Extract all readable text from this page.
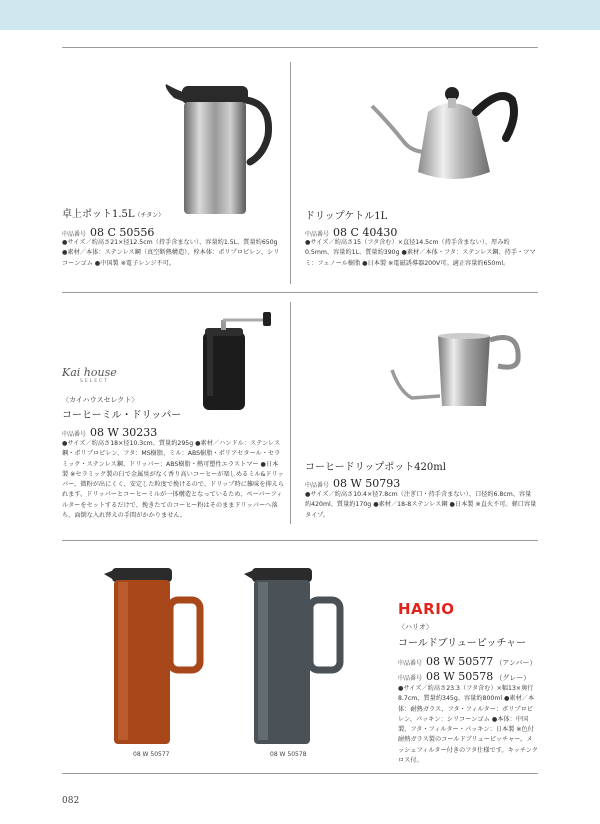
卓上ポット1.5L（チタン）
中品番号 08 C 50556
●サイズ／約高さ21×径12.5cm（持手含まない）、容量約1.5L、質量約650g ●素材／本体：ステンレス鋼（真空断熱構造）、栓本体：ポリプロピレン、シリコーンゴム ●中国製 ※電子レンジ不可。
ドリップケトル1L
中品番号 08 C 40430
●サイズ／約高さ15（フタ含む）×直径14.5cm（持手含まない）、厚み約0.5mm、容量約1L、質量約390g ●素材／本体・フタ：ステンレス鋼、持手・ツマミ：フェノール樹脂 ●日本製 ※電磁誘導器200V可。適正容量約650ml。
Kai house
SELECT
〈カイハウスセレクト〉
コーヒーミル・ドリッパー
中品番号 08 W 30233
●サイズ／約高さ18×径10.3cm、質量約295g ●素材／ハンドル：ステンレス鋼・ポリプロピレン、フタ：MS樹脂、ミル：ABS樹脂・ポリアセタール・セラミック・ステンレス鋼、ドリッパー：ABS樹脂・熱可塑性エラストマー ●日本製 ※セラミック製の臼で金属臭がなく香り高いコーヒーが楽しめるミル&ドリッパー。微粉が出にくく、安定した粒度で挽けるので、ドリップ時に雑味を抑えられます。ドリッパーとコーヒーミルが一体構造となっているため、ペーパーフィルターをセットするだけで、挽きたてのコーヒー粉はそのままドリッパーへ落ち、面倒な入れ替えの手間がかかりません。
コーヒードリップポット420ml
中品番号 08 W 50793
●サイズ／約高さ10.4×径7.8cm（注ぎ口・持手含まない）、口径約6.8cm、容量約420ml、質量約170g ●素材／18-8ステンレス鋼 ●日本製 ※直火不可。軽口容量タイプ。
08 W 50577	08 W 50578
HARIO
〈ハリオ〉
コールドブリューピッチャー
中品番号 08 W 50577 （アンバー）
中品番号 08 W 50578 （グレー）
●サイズ／約高さ23.3（フタ含む）×幅13×奥行8.7cm、質量約345g、容量約800ml ●素材／本体：耐熱ガラス、フタ・フィルター：ポリプロピレン、パッキン：シリコーンゴム ●本体：中国製、フタ・フィルター・パッキン：日本製 ※色付耐熱ガラス製のコールドブリューピッチャー。メッシュフィルター付きのフタ仕様です。キッチンクロス付。
082
